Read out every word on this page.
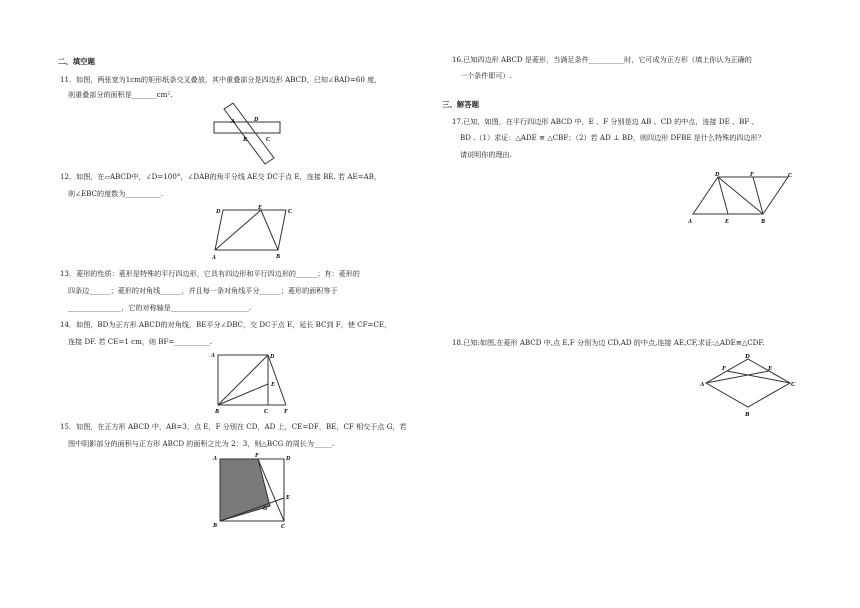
二、填空题
11．如图，两张宽为1cm的矩形纸条交叉叠放，其中重叠部分是四边形 ABCD，已知∠BAD=60 度，
则重叠部分的面积是_______cm².
A	D
B	C
12．如图，在▱ABCD中，∠D=100°，∠DAB的角平分线 AE交 DC于点 E，连接 BE. 若 AE=AB，
则∠EBC的度数为__________.
D
E
C
A	B
13．菱形的性质：菱形是特殊的平行四边形，它具有四边形和平行四边形的______；有：菱形的
四条边______；菱形的对角线______，并且每一条对角线平分______；菱形的面积等于
_______________，它的对称轴是______________________.
14．如图，BD为正方形 ABCD的对角线，BE平分∠DBC，交 DC于点 E，延长 BC到 F，使 CF=CE，
连接 DF. 若 CE=1 cm，则 BF=__________.
A	D
E
B	C	F
15．如图，在正方形 ABCD 中，AB=3，点 E，F 分别在 CD，AD 上，CE=DF，BE，CF 相交于点 G，若
图中阴影部分的面积与正方形 ABCD 的面积之比为 2：3，则△BCG 的周长为_____.
A	F	D
E
G
B	C
16.已知四边形 ABCD 是菱形，当满足条件__________时，它可成为正方形（填上你认为正确的
一个条件即可）.
三、解答题
17.已知，如图，在平行四边形 ABCD 中，E 、F 分别是边 AB 、CD 的中点，连接 DE 、BF 、
BD .（1）求证：△ADE ≌ △CBF；（2）若 AD ⊥ BD，则四边形 DFBE 是什么特殊的四边形？
请说明你的理由.
D	F	C
A	E	B
18.已知:如图,在菱形 ABCD 中,点 E,F 分别为边 CD,AD 的中点,连接 AE,CF,求证:△ADE≌△CDF.
D
F	E
A	C
B
